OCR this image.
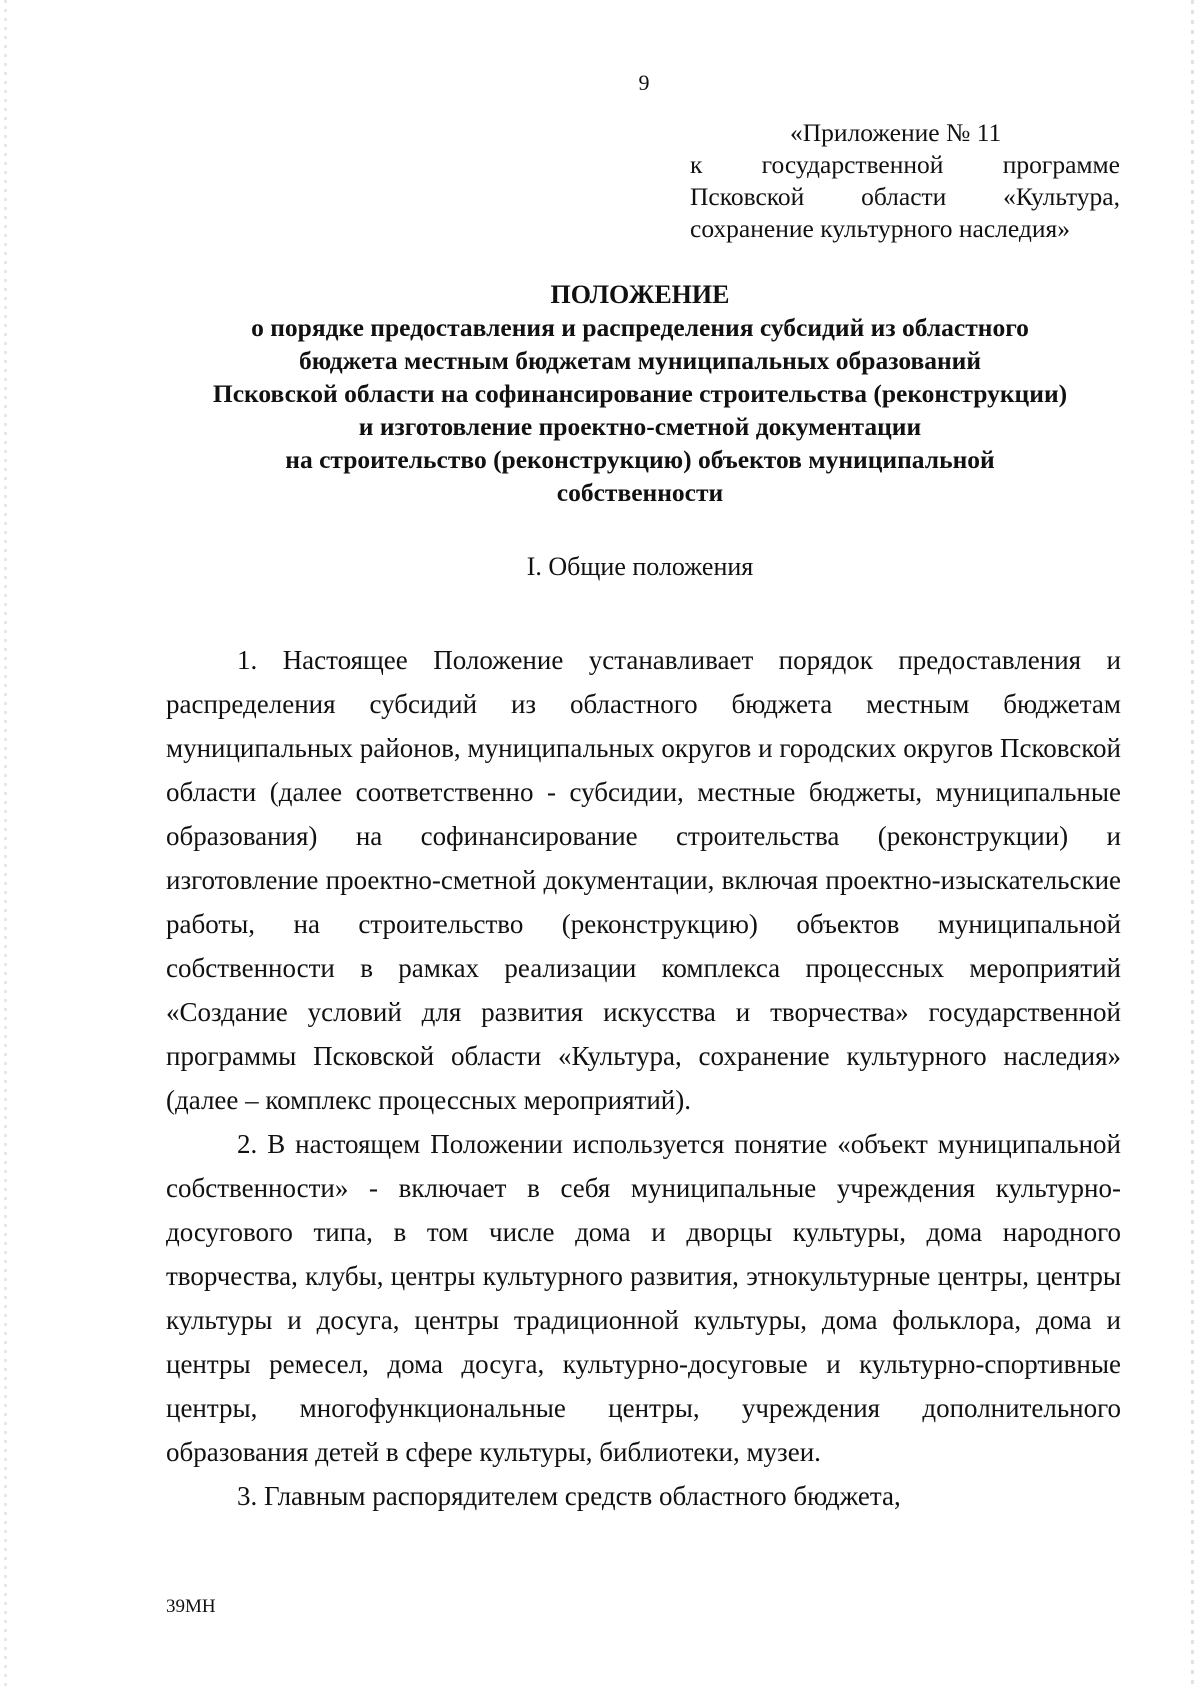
9
«Приложение № 11
к государственной программе
Псковской области «Культура,
сохранение культурного наследия»
ПОЛОЖЕНИЕ
о порядке предоставления и распределения субсидий из областного
бюджета местным бюджетам муниципальных образований
Псковской области на софинансирование строительства (реконструкции)
и изготовление проектно-сметной документации
на строительство (реконструкцию) объектов муниципальной
собственности
I. Общие положения

1. Настоящее Положение устанавливает порядок предоставления и распределения субсидий из областного бюджета местным бюджетам муниципальных районов, муниципальных округов и городских округов Псковской области (далее соответственно - субсидии, местные бюджеты, муниципальные образования) на софинансирование строительства (реконструкции) и изготовление проектно-сметной документации, включая проектно-изыскательские работы, на строительство (реконструкцию) объектов муниципальной собственности в рамках реализации комплекса процессных мероприятий «Создание условий для развития искусства и творчества» государственной программы Псковской области «Культура, сохранение культурного наследия» (далее – комплекс процессных мероприятий).

2. В настоящем Положении используется понятие «объект муниципальной собственности» - включает в себя муниципальные учреждения культурно-досугового типа, в том числе дома и дворцы культуры, дома народного творчества, клубы, центры культурного развития, этнокультурные центры, центры культуры и досуга, центры традиционной культуры, дома фольклора, дома и центры ремесел, дома досуга, культурно-досуговые и культурно-спортивные центры, многофункциональные центры, учреждения дополнительного образования детей в сфере культуры, библиотеки, музеи.

3. Главным распорядителем средств областного бюджета,

39МН
